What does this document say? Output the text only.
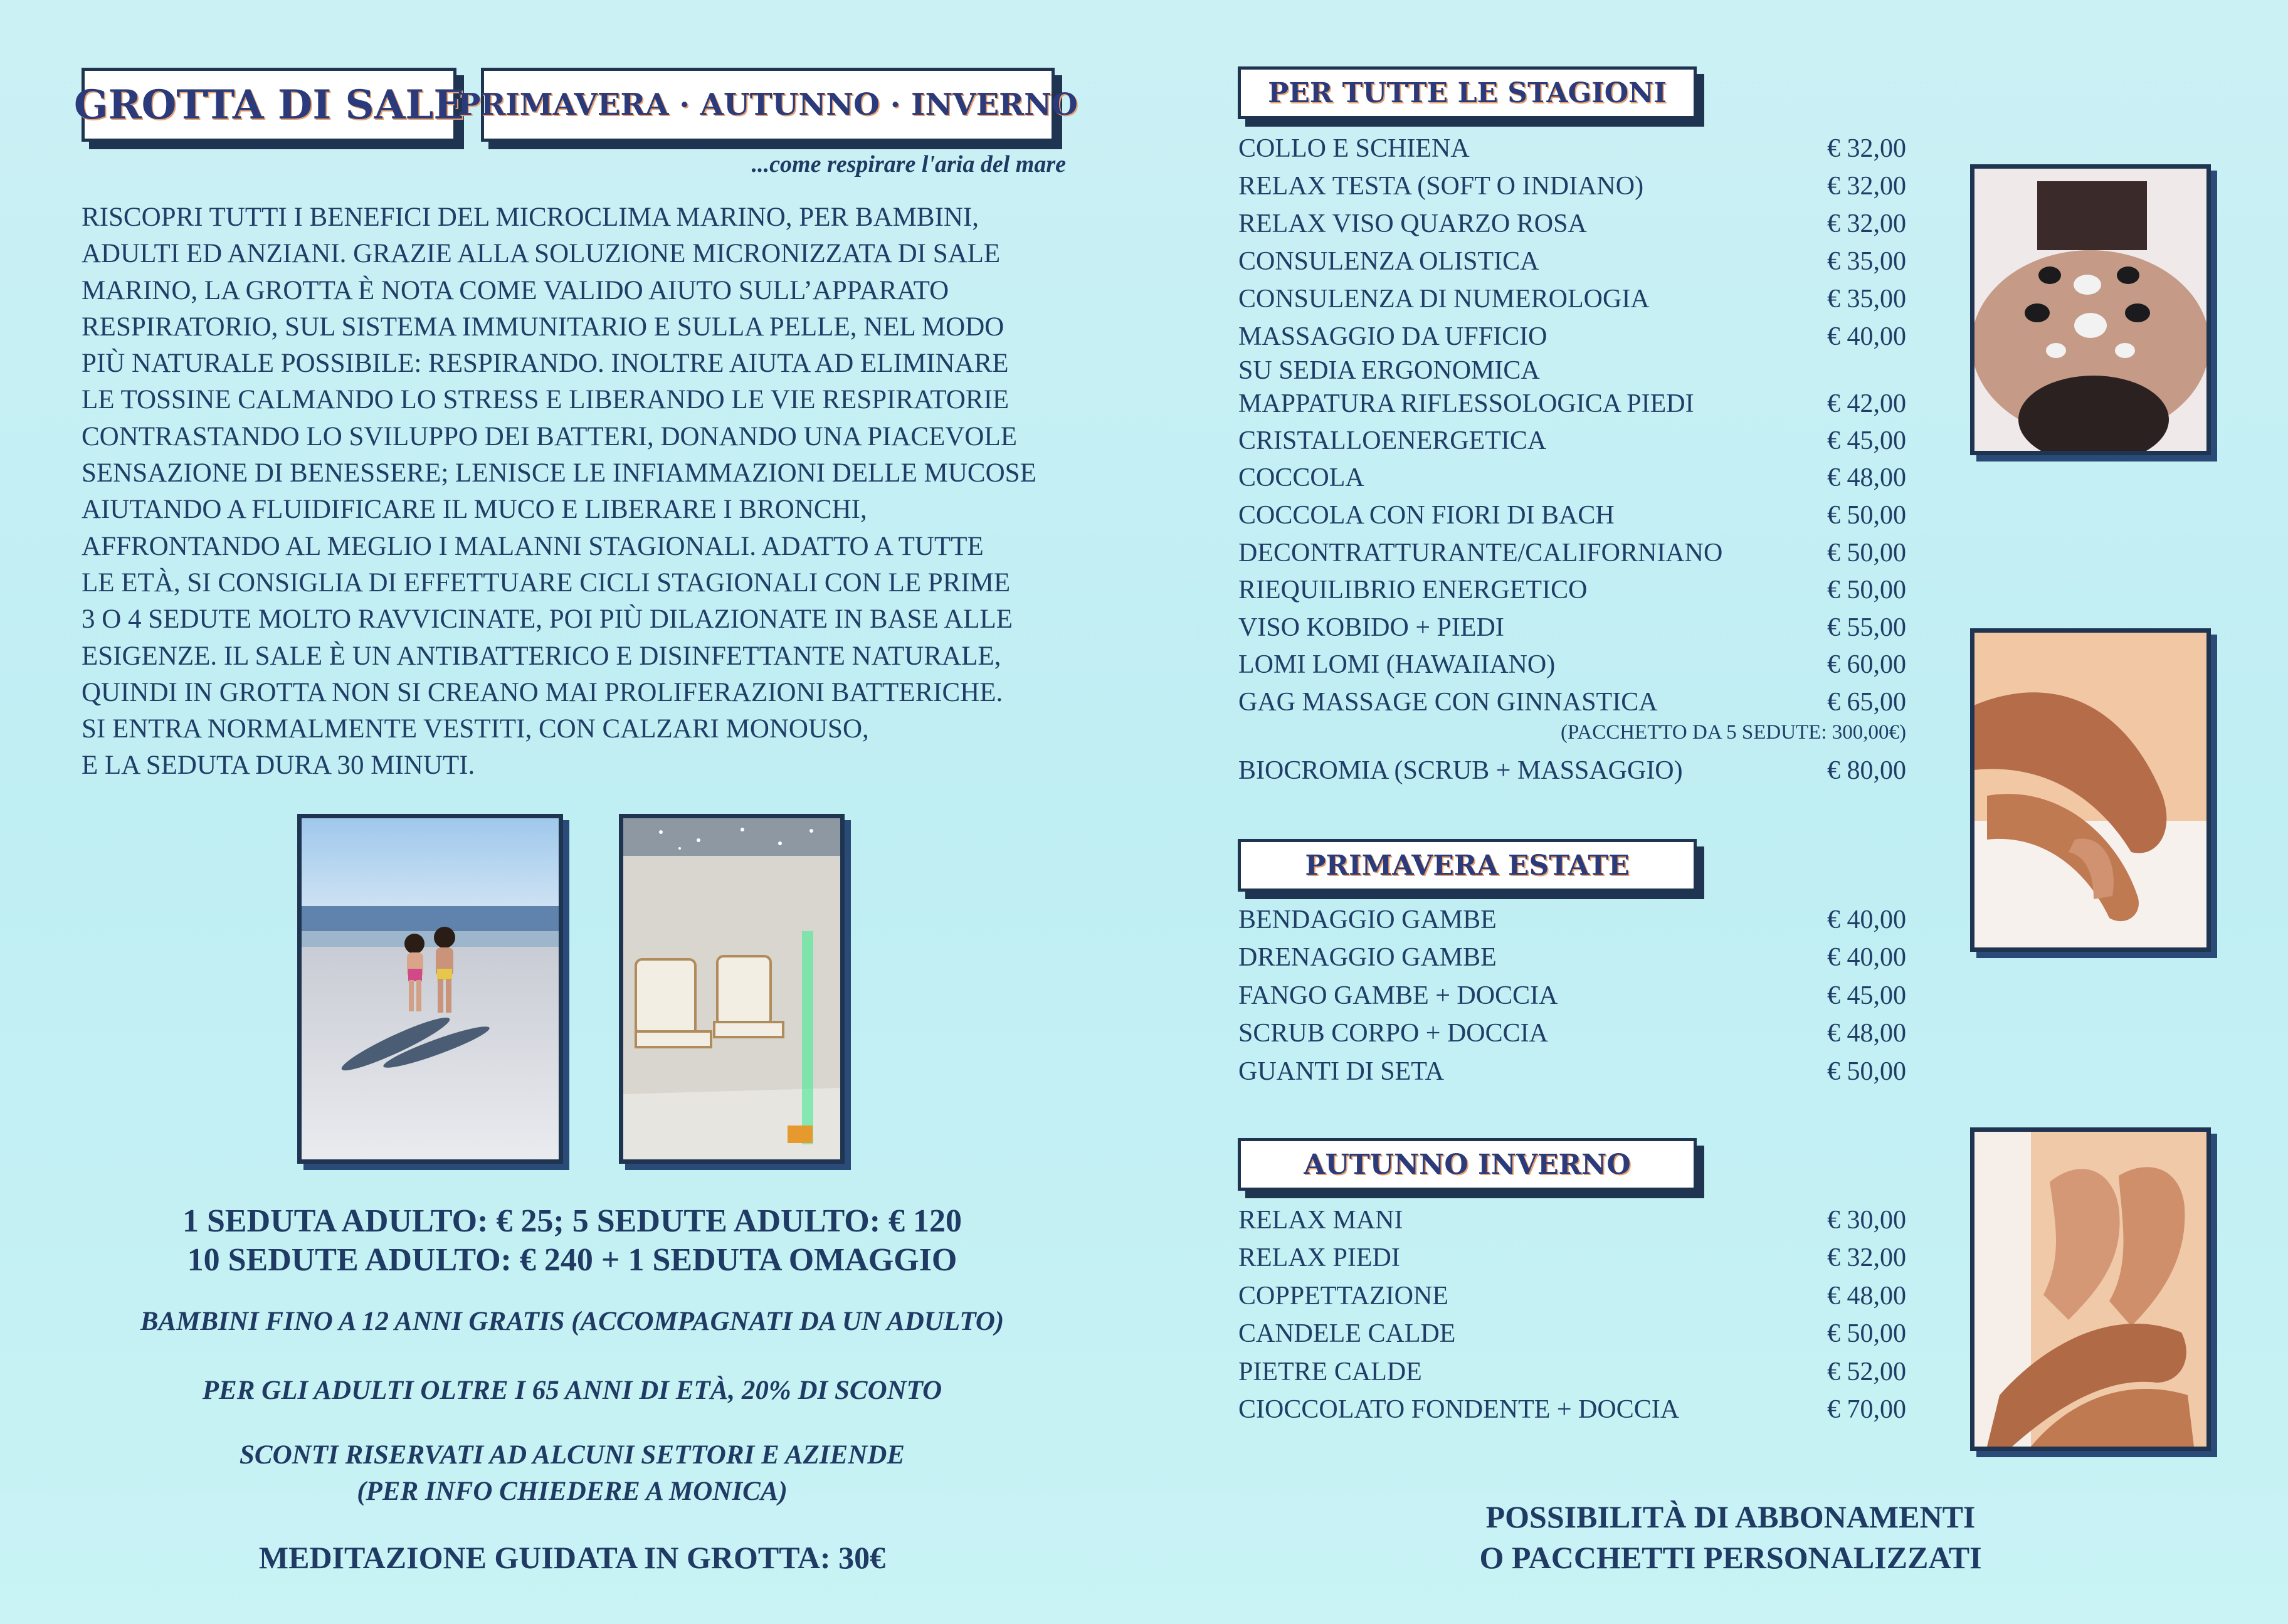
GROTTA DI SALE
PRIMAVERA · AUTUNNO · INVERNO
...come respirare l'aria del mare
RISCOPRI TUTTI I BENEFICI DEL MICROCLIMA MARINO, PER BAMBINI,
ADULTI ED ANZIANI. GRAZIE ALLA SOLUZIONE MICRONIZZATA DI SALE
MARINO, LA GROTTA È NOTA COME VALIDO AIUTO SULL’APPARATO
RESPIRATORIO, SUL SISTEMA IMMUNITARIO E SULLA PELLE, NEL MODO
PIÙ NATURALE POSSIBILE: RESPIRANDO. INOLTRE AIUTA AD ELIMINARE
LE TOSSINE CALMANDO LO STRESS E LIBERANDO LE VIE RESPIRATORIE
CONTRASTANDO LO SVILUPPO DEI BATTERI, DONANDO UNA PIACEVOLE
SENSAZIONE DI BENESSERE; LENISCE LE INFIAMMAZIONI DELLE MUCOSE
AIUTANDO A FLUIDIFICARE IL MUCO E LIBERARE I BRONCHI,
AFFRONTANDO AL MEGLIO I MALANNI STAGIONALI. ADATTO A TUTTE
LE ETÀ, SI CONSIGLIA DI EFFETTUARE CICLI STAGIONALI CON LE PRIME
3 O 4 SEDUTE MOLTO RAVVICINATE, POI PIÙ DILAZIONATE IN BASE ALLE
ESIGENZE. IL SALE È UN ANTIBATTERICO E DISINFETTANTE NATURALE,
QUINDI IN GROTTA NON SI CREANO MAI PROLIFERAZIONI BATTERICHE.
SI ENTRA NORMALMENTE VESTITI, CON CALZARI MONOUSO,
E LA SEDUTA DURA 30 MINUTI.
1 SEDUTA ADULTO: € 25; 5 SEDUTE ADULTO: € 120
10 SEDUTE ADULTO: € 240 + 1 SEDUTA OMAGGIO
BAMBINI FINO A 12 ANNI GRATIS (ACCOMPAGNATI DA UN ADULTO)
PER GLI ADULTI OLTRE I 65 ANNI DI ETÀ, 20% DI SCONTO
SCONTI RISERVATI AD ALCUNI SETTORI E AZIENDE
(PER INFO CHIEDERE A MONICA)
MEDITAZIONE GUIDATA IN GROTTA: 30€
PER TUTTE LE STAGIONI
COLLO E SCHIENA	€ 32,00
RELAX TESTA (SOFT O INDIANO)	€ 32,00
RELAX VISO QUARZO ROSA	€ 32,00
CONSULENZA OLISTICA	€ 35,00
CONSULENZA DI NUMEROLOGIA	€ 35,00
MASSAGGIO DA UFFICIO	€ 40,00
SU SEDIA ERGONOMICA
MAPPATURA RIFLESSOLOGICA PIEDI	€ 42,00
CRISTALLOENERGETICA	€ 45,00
COCCOLA	€ 48,00
COCCOLA CON FIORI DI BACH	€ 50,00
DECONTRATTURANTE/CALIFORNIANO	€ 50,00
RIEQUILIBRIO ENERGETICO	€ 50,00
VISO KOBIDO + PIEDI	€ 55,00
LOMI LOMI (HAWAIIANO)	€ 60,00
GAG MASSAGE CON GINNASTICA	€ 65,00
(PACCHETTO DA 5 SEDUTE: 300,00€)
BIOCROMIA (SCRUB + MASSAGGIO)	€ 80,00
PRIMAVERA ESTATE
BENDAGGIO GAMBE	€ 40,00
DRENAGGIO GAMBE	€ 40,00
FANGO GAMBE + DOCCIA	€ 45,00
SCRUB CORPO + DOCCIA	€ 48,00
GUANTI DI SETA	€ 50,00
AUTUNNO INVERNO
RELAX MANI	€ 30,00
RELAX PIEDI	€ 32,00
COPPETTAZIONE	€ 48,00
CANDELE CALDE	€ 50,00
PIETRE CALDE	€ 52,00
CIOCCOLATO FONDENTE + DOCCIA	€ 70,00
POSSIBILITÀ DI ABBONAMENTI
O PACCHETTI PERSONALIZZATI
